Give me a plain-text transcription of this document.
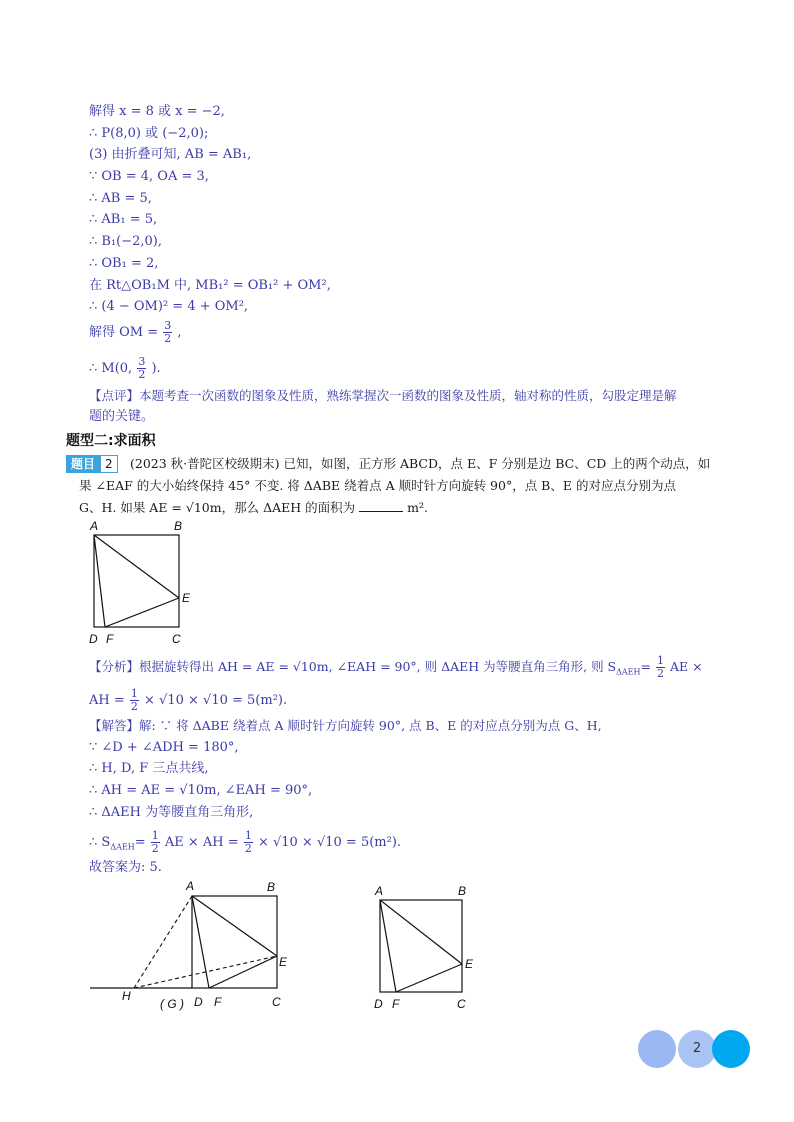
解得 x = 8 或 x = −2,
∴ P(8,0) 或 (−2,0);
(3) 由折叠可知, AB = AB₁,
∵ OB = 4, OA = 3,
∴ AB = 5,
∴ AB₁ = 5,
∴ B₁(−2,0),
∴ OB₁ = 2,
在 Rt△OB₁M 中, MB₁² = OB₁² + OM²,
∴ (4 − OM)² = 4 + OM²,
解得 OM = $\frac{3}{2}$ ,
∴ M(0, $\frac{3}{2}$ ).
【点评】本题考查一次函数的图象及性质，熟练掌握次一函数的图象及性质，轴对称的性质，勾股定理是解
题的关键。
题型二:求面积
题目 2	(2023 秋·普陀区校级期末) 已知，如图，正方形 ABCD，点 E、F 分别是边 BC、CD 上的两个动点，如
果 ∠EAF 的大小始终保持 45° 不变. 将 ΔABE 绕着点 A 顺时针方向旋转 90°，点 B、E 的对应点分别为点
G、H. 如果 AE = √10m，那么 ΔAEH 的面积为	m².
A	B
E
D F	C
【分析】根据旋转得出 AH = AE = √10m, ∠EAH = 90°, 则 ΔAEH 为等腰直角三角形, 则 $S_{\Delta AEH}= \frac{1}{2}$ AE ×
AH = $\frac{1}{2} \times √10 \times √10 = 5(m^2)$.
【解答】解: ∵ 将 ΔABE 绕着点 A 顺时针方向旋转 90°, 点 B、E 的对应点分别为点 G、H,
∵ ∠D + ∠ADH = 180°,
∴ H, D, F 三点共线,
∴ AH = AE = √10m, ∠EAH = 90°,
∴ ΔAEH 为等腰直角三角形,
∴ $S_{\Delta AEH}= \frac{1}{2}$ AE × AH = $\frac{1}{2} \times √10 \times √10 = 5(m^2)$.
故答案为: 5.
A	B
E
H
( G ) D F	C
A	B
E
D F	C
2
